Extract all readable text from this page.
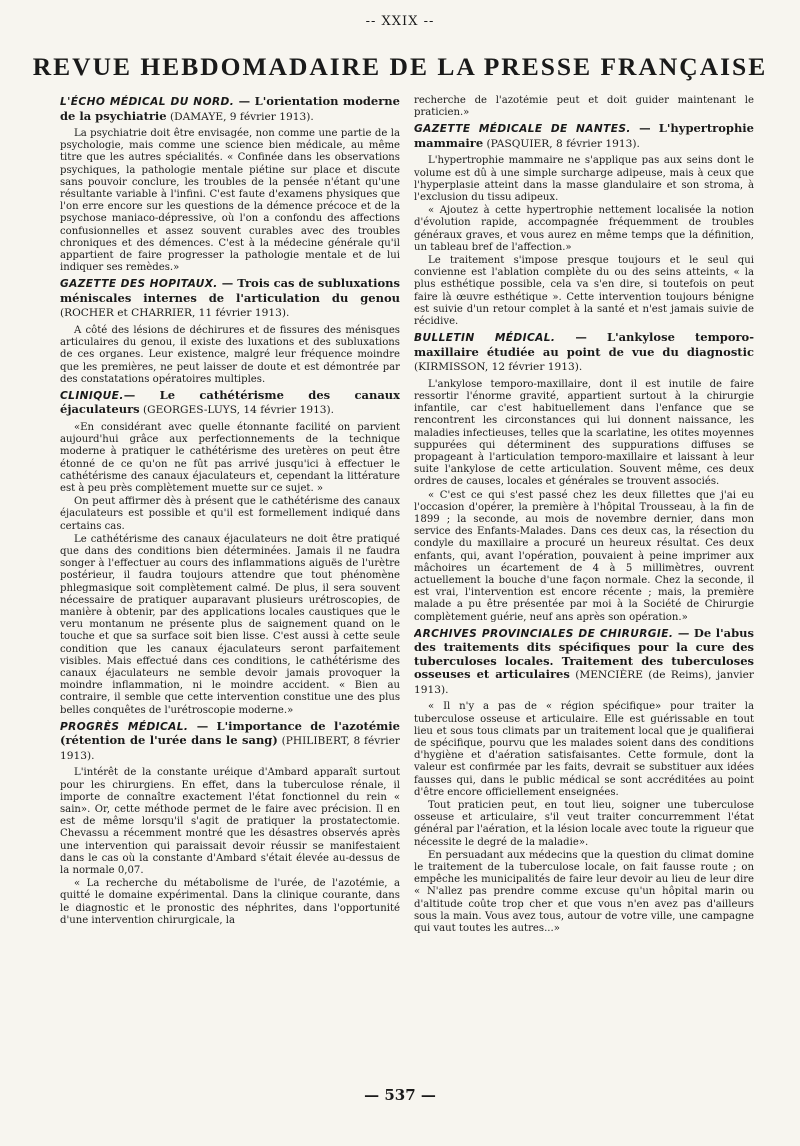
-- XXIX --
REVUE HEBDOMADAIRE DE LA PRESSE FRANÇAISE
L'ÉCHO MÉDICAL DU NORD. — L'orientation moderne de la psychiatrie (DAMAYE, 9 février 1913).
La psychiatrie doit être envisagée, non comme une partie de la psychologie, mais comme une science bien médicale, au même titre que les autres spécialités. « Confinée dans les observations psychiques, la pathologie mentale piétine sur place et discute sans pouvoir conclure, les troubles de la pensée n'étant qu'une résultante variable à l'infini. C'est faute d'examens physiques que l'on erre encore sur les questions de la démence précoce et de la psychose maniaco-dépressive, où l'on a confondu des affections confusionnelles et assez souvent curables avec des troubles chroniques et des démences. C'est à la médecine générale qu'il appartient de faire progresser la pathologie mentale et de lui indiquer ses remèdes.»
GAZETTE DES HOPITAUX. — Trois cas de subluxations méniscales internes de l'articulation du genou (ROCHER et CHARRIER, 11 février 1913).
A côté des lésions de déchirures et de fissures des ménisques articulaires du genou, il existe des luxations et des subluxations de ces organes. Leur existence, malgré leur fréquence moindre que les premières, ne peut laisser de doute et est démontrée par des constatations opératoires multiples.
CLINIQUE.— Le cathétérisme des canaux éjaculateurs (GEORGES-LUYS, 14 février 1913).
«En considérant avec quelle étonnante facilité on parvient aujourd'hui grâce aux perfectionnements de la technique moderne à pratiquer le cathétérisme des uretères on peut être étonné de ce qu'on ne fût pas arrivé jusqu'ici à effectuer le cathétérisme des canaux éjaculateurs et, cependant la littérature est à peu près complètement muette sur ce sujet. »
On peut affirmer dès à présent que le cathétérisme des canaux éjaculateurs est possible et qu'il est formellement indiqué dans certains cas.
Le cathétérisme des canaux éjaculateurs ne doit être pratiqué que dans des conditions bien déterminées. Jamais il ne faudra songer à l'effectuer au cours des inflammations aiguës de l'urètre postérieur, il faudra toujours attendre que tout phénomène phlegmasique soit complètement calmé. De plus, il sera souvent nécessaire de pratiquer auparavant plusieurs urétroscopies, de manière à obtenir, par des applications locales caustiques que le veru montanum ne présente plus de saignement quand on le touche et que sa surface soit bien lisse. C'est aussi à cette seule condition que les canaux éjaculateurs seront parfaitement visibles. Mais effectué dans ces conditions, le cathétérisme des canaux éjaculateurs ne semble devoir jamais provoquer la moindre inflammation, ni le moindre accident. « Bien au contraire, il semble que cette intervention constitue une des plus belles conquêtes de l'urétroscopie moderne.»
PROGRÈS MÉDICAL. — L'importance de l'azotémie (rétention de l'urée dans le sang) (PHILIBERT, 8 février 1913).
L'intérêt de la constante uréique d'Ambard apparaît surtout pour les chirurgiens. En effet, dans la tuberculose rénale, il importe de connaître exactement l'état fonctionnel du rein « sain». Or, cette méthode permet de le faire avec précision. Il en est de même lorsqu'il s'agit de pratiquer la prostatectomie. Chevassu a récemment montré que les désastres observés après une intervention qui paraissait devoir réussir se manifestaient dans le cas où la constante d'Ambard s'était élevée au-dessus de la normale 0,07.
« La recherche du métabolisme de l'urée, de l'azotémie, a quitté le domaine expérimental. Dans la clinique courante, dans le diagnostic et le pronostic des néphrites, dans l'opportunité d'une intervention chirurgicale, la
recherche de l'azotémie peut et doit guider maintenant le praticien.»
GAZETTE MÉDICALE DE NANTES. — L'hypertrophie mammaire (PASQUIER, 8 février 1913).
L'hypertrophie mammaire ne s'applique pas aux seins dont le volume est dû à une simple surcharge adipeuse, mais à ceux que l'hyperplasie atteint dans la masse glandulaire et son stroma, à l'exclusion du tissu adipeux.
« Ajoutez à cette hypertrophie nettement localisée la notion d'évolution rapide, accompagnée fréquemment de troubles généraux graves, et vous aurez en même temps que la définition, un tableau bref de l'affection.»
Le traitement s'impose presque toujours et le seul qui convienne est l'ablation complète du ou des seins atteints, « la plus esthétique possible, cela va s'en dire, si toutefois on peut faire là œuvre esthétique ». Cette intervention toujours bénigne est suivie d'un retour complet à la santé et n'est jamais suivie de récidive.
BULLETIN MÉDICAL. — L'ankylose temporo-maxillaire étudiée au point de vue du diagnostic (KIRMISSON, 12 février 1913).
L'ankylose temporo-maxillaire, dont il est inutile de faire ressortir l'énorme gravité, appartient surtout à la chirurgie infantile, car c'est habituellement dans l'enfance que se rencontrent les circonstances qui lui donnent naissance, les maladies infectieuses, telles que la scarlatine, les otites moyennes suppurées qui déterminent des suppurations diffuses se propageant à l'articulation temporo-maxillaire et laissant à leur suite l'ankylose de cette articulation. Souvent même, ces deux ordres de causes, locales et générales se trouvent associés.
« C'est ce qui s'est passé chez les deux fillettes que j'ai eu l'occasion d'opérer, la première à l'hôpital Trousseau, à la fin de 1899 ; la seconde, au mois de novembre dernier, dans mon service des Enfants-Malades. Dans ces deux cas, la résection du condyle du maxillaire a procuré un heureux résultat. Ces deux enfants, qui, avant l'opération, pouvaient à peine imprimer aux mâchoires un écartement de 4 à 5 millimètres, ouvrent actuellement la bouche d'une façon normale. Chez la seconde, il est vrai, l'intervention est encore récente ; mais, la première malade a pu être présentée par moi à la Société de Chirurgie complètement guérie, neuf ans après son opération.»
ARCHIVES PROVINCIALES DE CHIRURGIE. — De l'abus des traitements dits spécifiques pour la cure des tuberculoses locales. Traitement des tuberculoses osseuses et articulaires (MENCIÈRE (de Reims), janvier 1913).
« Il n'y a pas de « région spécifique» pour traiter la tuberculose osseuse et articulaire. Elle est guérissable en tout lieu et sous tous climats par un traitement local que je qualifierai de spécifique, pourvu que les malades soient dans des conditions d'hygiène et d'aération satisfaisantes. Cette formule, dont la valeur est confirmée par les faits, devrait se substituer aux idées fausses qui, dans le public médical se sont accréditées au point d'être encore officiellement enseignées.
Tout praticien peut, en tout lieu, soigner une tuberculose osseuse et articulaire, s'il veut traiter concurremment l'état général par l'aération, et la lésion locale avec toute la rigueur que nécessite le degré de la maladie».
En persuadant aux médecins que la question du climat domine le traitement de la tuberculose locale, on fait fausse route ; on empêche les municipalités de faire leur devoir au lieu de leur dire « N'allez pas prendre comme excuse qu'un hôpital marin ou d'altitude coûte trop cher et que vous n'en avez pas d'ailleurs sous la main. Vous avez tous, autour de votre ville, une campagne qui vaut toutes les autres...»
— 537 —
